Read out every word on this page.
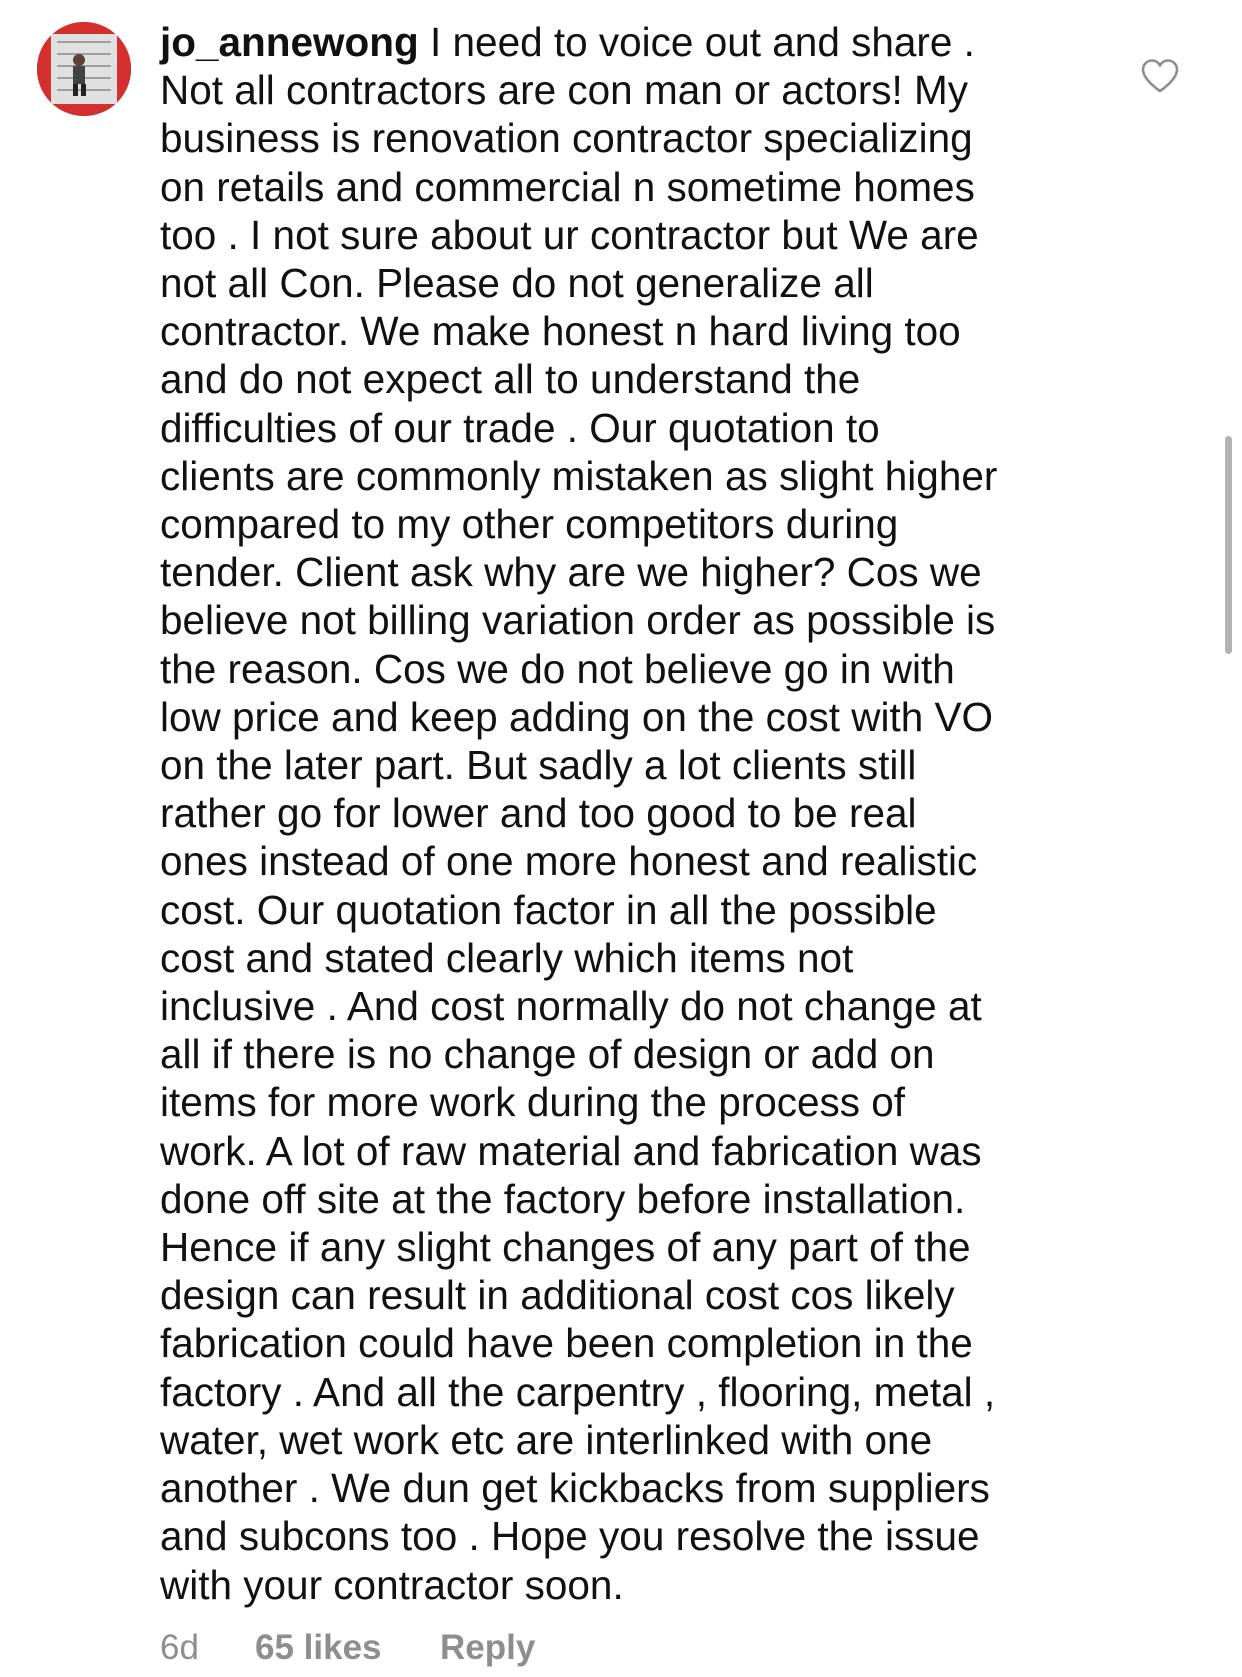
jo_annewong I need to voice out and share .
Not all contractors are con man or actors! My
business is renovation contractor specializing
on retails and commercial n sometime homes
too . I not sure about ur contractor but We are
not all Con. Please do not generalize all
contractor. We make honest n hard living too
and do not expect all to understand the
difficulties of our trade . Our quotation to
clients are commonly mistaken as slight higher
compared to my other competitors during
tender. Client ask why are we higher? Cos we
believe not billing variation order as possible is
the reason. Cos we do not believe go in with
low price and keep adding on the cost with VO
on the later part. But sadly a lot clients still
rather go for lower and too good to be real
ones instead of one more honest and realistic
cost. Our quotation factor in all the possible
cost and stated clearly which items not
inclusive . And cost normally do not change at
all if there is no change of design or add on
items for more work during the process of
work. A lot of raw material and fabrication was
done off site at the factory before installation.
Hence if any slight changes of any part of the
design can result in additional cost cos likely
fabrication could have been completion in the
factory . And all the carpentry , flooring, metal ,
water, wet work etc are interlinked with one
another . We dun get kickbacks from suppliers
and subcons too . Hope you resolve the issue
with your contractor soon.
6d	65 likes	Reply
